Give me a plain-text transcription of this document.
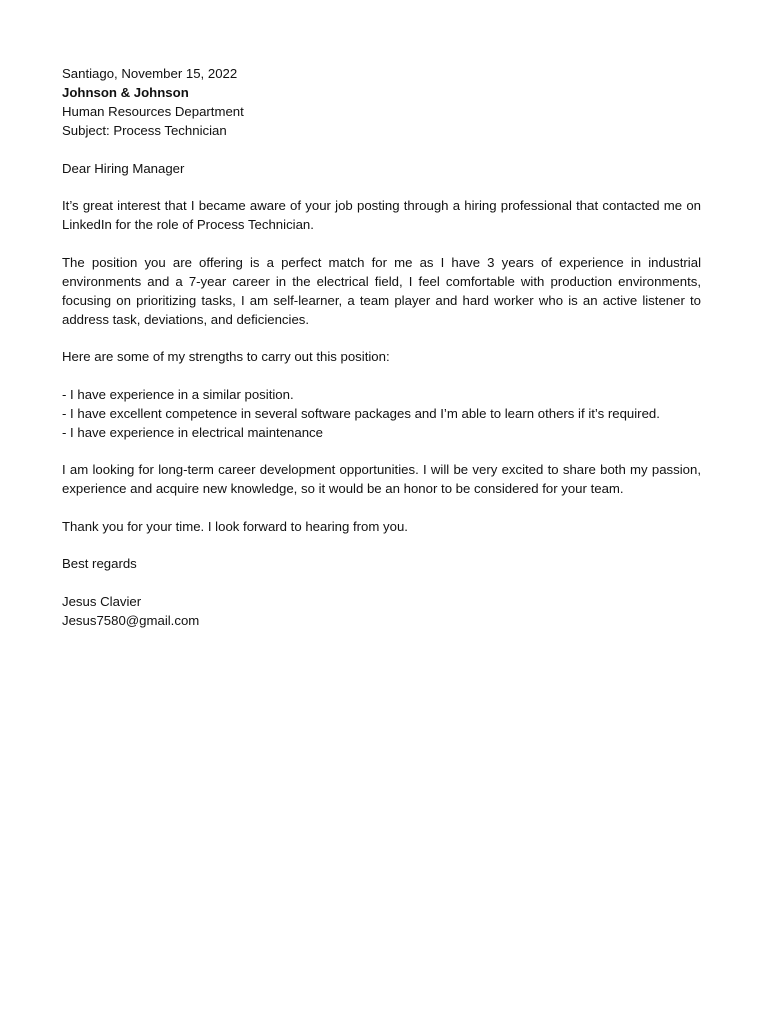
Santiago, November 15, 2022
Johnson & Johnson
Human Resources Department
Subject: Process Technician
Dear Hiring Manager

It’s great interest that I became aware of your job posting through a hiring professional that contacted me on LinkedIn for the role of Process Technician.

The position you are offering is a perfect match for me as I have 3 years of experience in industrial environments and a 7-year career in the electrical field, I feel comfortable with production environments, focusing on prioritizing tasks, I am self-learner, a team player and hard worker who is an active listener to address task, deviations, and deficiencies.

Here are some of my strengths to carry out this position:
- I have experience in a similar position.
- I have excellent competence in several software packages and I’m able to learn others if it’s required.
- I have experience in electrical maintenance

I am looking for long-term career development opportunities. I will be very excited to share both my passion, experience and acquire new knowledge, so it would be an honor to be considered for your team.

Thank you for your time. I look forward to hearing from you.
Best regards
Jesus Clavier
Jesus7580@gmail.com
